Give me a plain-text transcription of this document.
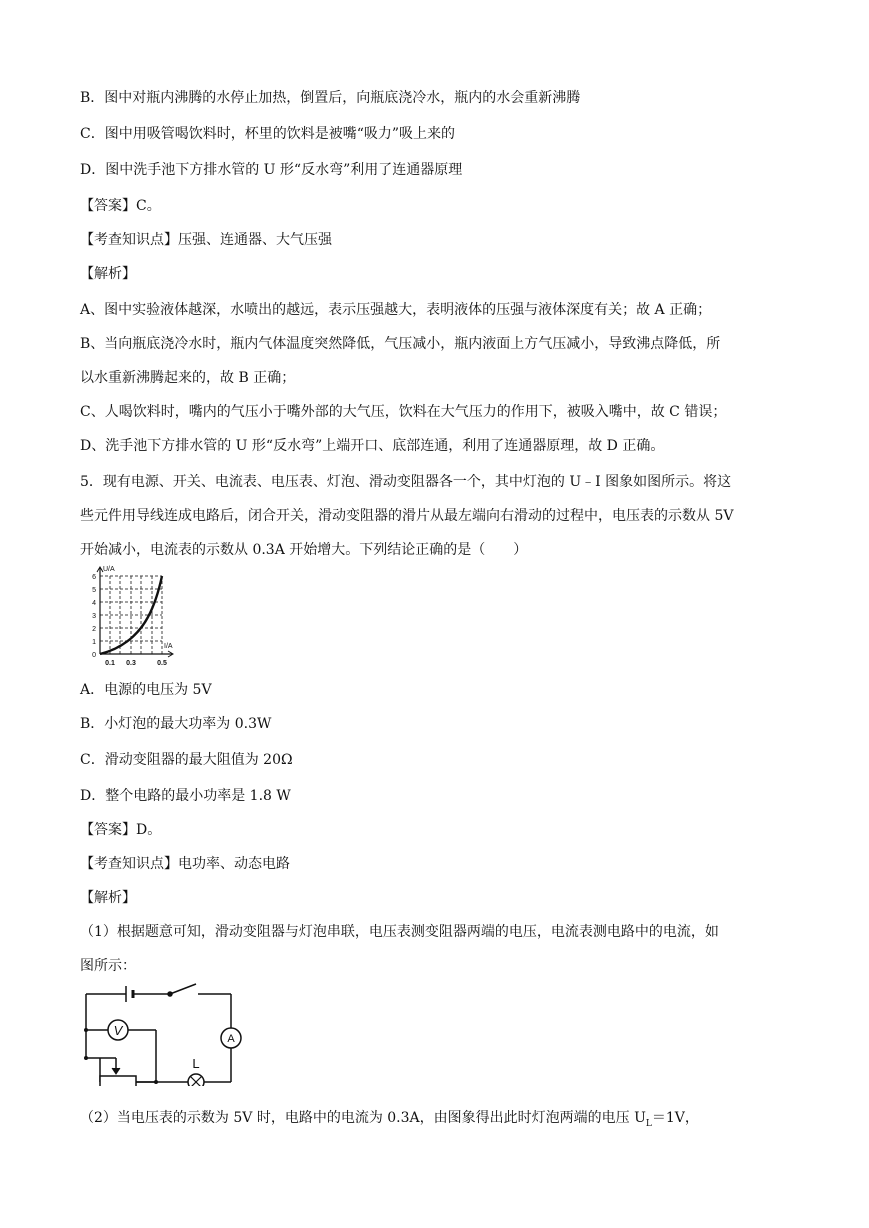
B．图中对瓶内沸腾的水停止加热，倒置后，向瓶底浇冷水，瓶内的水会重新沸腾
C．图中用吸管喝饮料时，杯里的饮料是被嘴“吸力”吸上来的
D．图中洗手池下方排水管的 U 形“反水弯”利用了连通器原理
【答案】C。
【考查知识点】压强、连通器、大气压强
【解析】
A、图中实验液体越深，水喷出的越远，表示压强越大，表明液体的压强与液体深度有关；故 A 正确；
B、当向瓶底浇冷水时，瓶内气体温度突然降低，气压减小，瓶内液面上方气压减小，导致沸点降低，所
以水重新沸腾起来的，故 B 正确；
C、人喝饮料时，嘴内的气压小于嘴外部的大气压，饮料在大气压力的作用下，被吸入嘴中，故 C 错误；
D、洗手池下方排水管的 U 形“反水弯”上端开口、底部连通，利用了连通器原理，故 D 正确。
5．现有电源、开关、电流表、电压表、灯泡、滑动变阻器各一个，其中灯泡的 U﹣I 图象如图所示。将这
些元件用导线连成电路后，闭合开关，滑动变阻器的滑片从最左端向右滑动的过程中，电压表的示数从 5V
开始减小，电流表的示数从 0.3A 开始增大。下列结论正确的是（　　）
U/A
I/A
6
5
4
3
2
1
0
0.1 0.3	0.5
A．电源的电压为 5V
B．小灯泡的最大功率为 0.3W
C．滑动变阻器的最大阻值为 20Ω
D．整个电路的最小功率是 1.8 W
【答案】D。
【考查知识点】电功率、动态电路
【解析】
（1）根据题意可知，滑动变阻器与灯泡串联，电压表测变阻器两端的电压，电流表测电路中的电流，如
图所示：
V
A
L
（2）当电压表的示数为 5V 时，电路中的电流为 0.3A，由图象得出此时灯泡两端的电压 $U_L=1V$，
